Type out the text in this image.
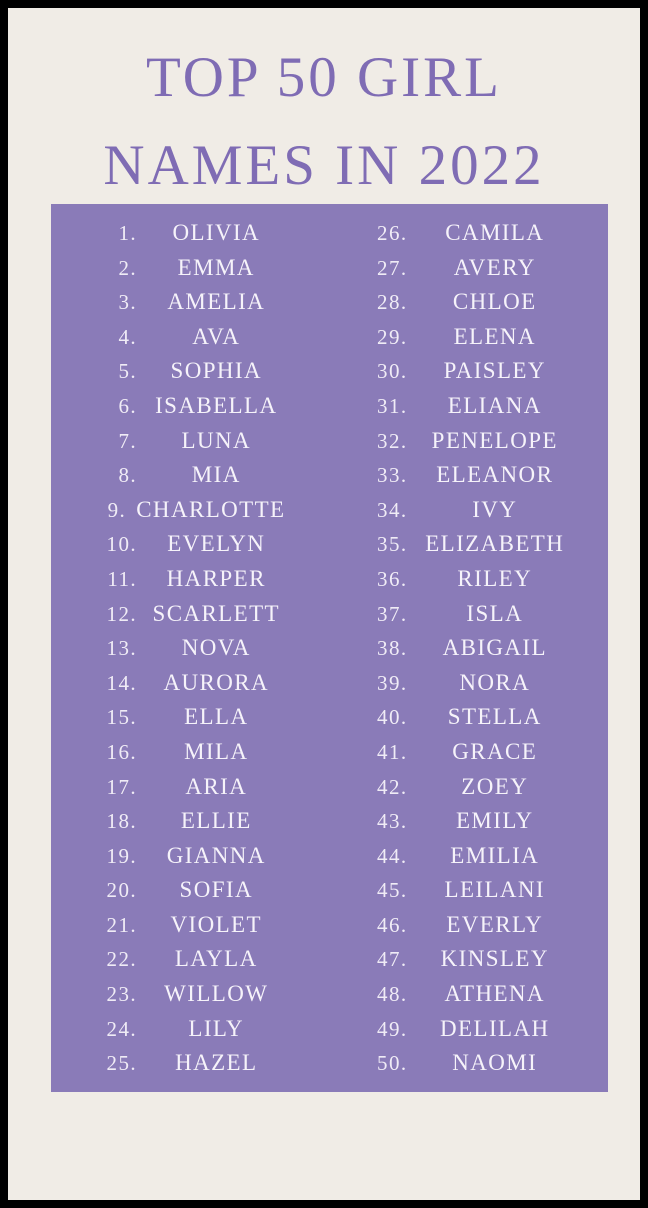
TOP 50 GIRL
NAMES IN 2022
1.	OLIVIA
2.	EMMA
3.	AMELIA
4.	AVA
5.	SOPHIA
6. ISABELLA
7.	LUNA
8.	MIA
9. CHARLOTTE
10.	EVELYN
11.	HARPER
12. SCARLETT
13.	NOVA
14.	AURORA
15.	ELLA
16.	MILA
17.	ARIA
18.	ELLIE
19.	GIANNA
20.	SOFIA
21.	VIOLET
22.	LAYLA
23.	WILLOW
24.	LILY
25.	HAZEL
26.	CAMILA
27.	AVERY
28.	CHLOE
29.	ELENA
30.	PAISLEY
31.	ELIANA
32.	PENELOPE
33.	ELEANOR
34.	IVY
35. ELIZABETH
36.	RILEY
37.	ISLA
38.	ABIGAIL
39.	NORA
40.	STELLA
41.	GRACE
42.	ZOEY
43.	EMILY
44.	EMILIA
45.	LEILANI
46.	EVERLY
47.	KINSLEY
48.	ATHENA
49.	DELILAH
50.	NAOMI
